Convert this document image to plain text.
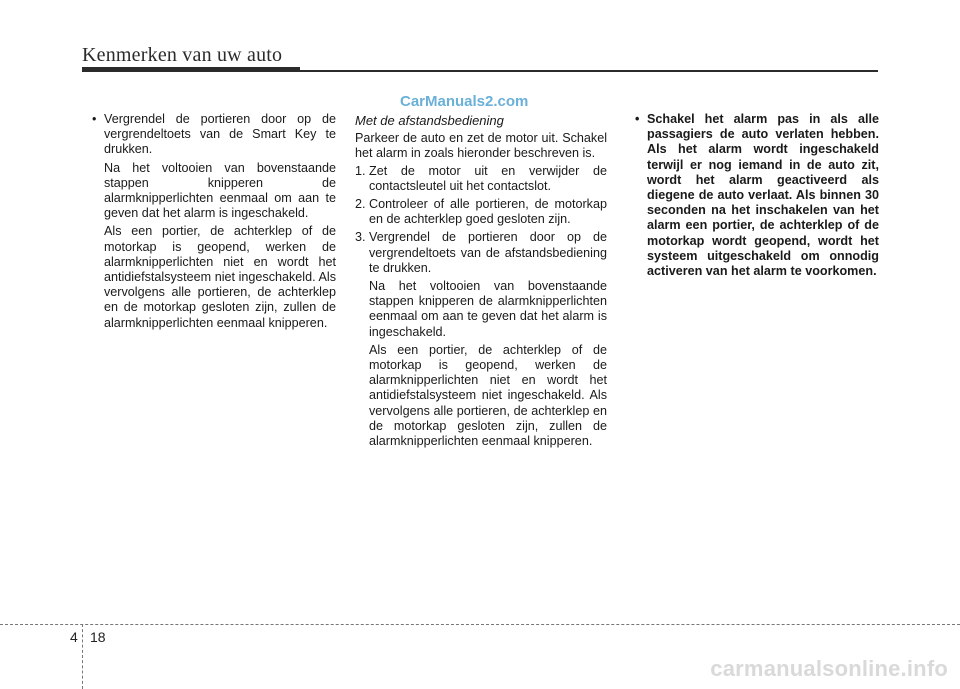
Kenmerken van uw auto
CarManuals2.com
• Vergrendel de portieren door op de vergrendeltoets van de Smart Key te drukken.
Na het voltooien van bovenstaande stappen knipperen de alarmknipperlichten eenmaal om aan te geven dat het alarm is ingeschakeld.
Als een portier, de achterklep of de motorkap is geopend, werken de alarmknipperlichten niet en wordt het antidiefstalsysteem niet ingeschakeld. Als vervolgens alle portieren, de achterklep en de motorkap gesloten zijn, zullen de alarmknipperlichten eenmaal knipperen.
Met de afstandsbediening
Parkeer de auto en zet de motor uit. Schakel het alarm in zoals hieronder beschreven is.
1. Zet de motor uit en verwijder de contactsleutel uit het contactslot.
2. Controleer of alle portieren, de motorkap en de achterklep goed gesloten zijn.
3. Vergrendel de portieren door op de vergrendeltoets van de afstandsbediening te drukken.
Na het voltooien van bovenstaande stappen knipperen de alarmknipperlichten eenmaal om aan te geven dat het alarm is ingeschakeld.
Als een portier, de achterklep of de motorkap is geopend, werken de alarmknipperlichten niet en wordt het antidiefstalsysteem niet ingeschakeld. Als vervolgens alle portieren, de achterklep en de motorkap gesloten zijn, zullen de alarmknipperlichten eenmaal knipperen.
• Schakel het alarm pas in als alle passagiers de auto verlaten hebben. Als het alarm wordt ingeschakeld terwijl er nog iemand in de auto zit, wordt het alarm geactiveerd als diegene de auto verlaat. Als binnen 30 seconden na het inschakelen van het alarm een portier, de achterklep of de motorkap wordt geopend, wordt het systeem uitgeschakeld om onnodig activeren van het alarm te voorkomen.
4 18
carmanualsonline.info
